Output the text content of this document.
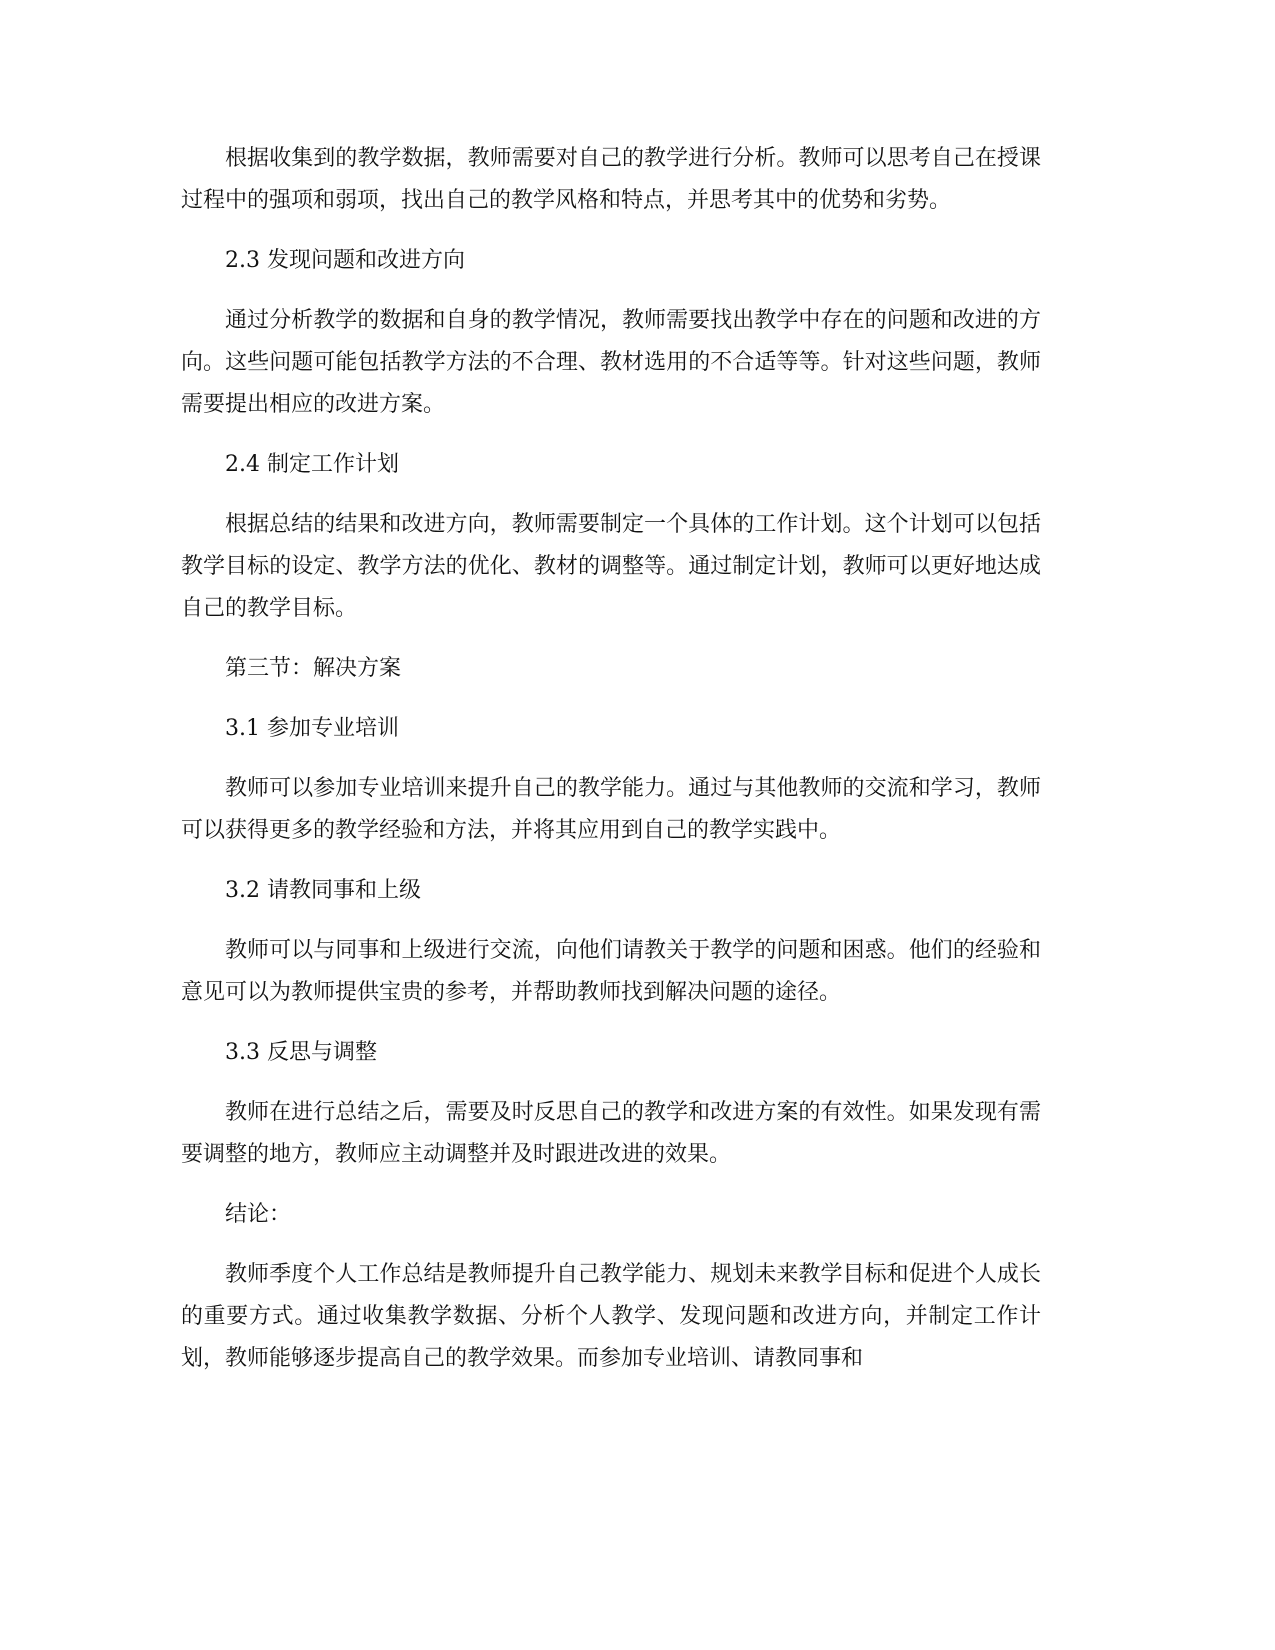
根据收集到的教学数据，教师需要对自己的教学进行分析。教师可以思考自己在授课过程中的强项和弱项，找出自己的教学风格和特点，并思考其中的优势和劣势。

2.3 发现问题和改进方向

通过分析教学的数据和自身的教学情况，教师需要找出教学中存在的问题和改进的方向。这些问题可能包括教学方法的不合理、教材选用的不合适等等。针对这些问题，教师需要提出相应的改进方案。

2.4 制定工作计划

根据总结的结果和改进方向，教师需要制定一个具体的工作计划。这个计划可以包括教学目标的设定、教学方法的优化、教材的调整等。通过制定计划，教师可以更好地达成自己的教学目标。

第三节：解决方案

3.1 参加专业培训

教师可以参加专业培训来提升自己的教学能力。通过与其他教师的交流和学习，教师可以获得更多的教学经验和方法，并将其应用到自己的教学实践中。

3.2 请教同事和上级

教师可以与同事和上级进行交流，向他们请教关于教学的问题和困惑。他们的经验和意见可以为教师提供宝贵的参考，并帮助教师找到解决问题的途径。

3.3 反思与调整

教师在进行总结之后，需要及时反思自己的教学和改进方案的有效性。如果发现有需要调整的地方，教师应主动调整并及时跟进改进的效果。

结论：

教师季度个人工作总结是教师提升自己教学能力、规划未来教学目标和促进个人成长的重要方式。通过收集教学数据、分析个人教学、发现问题和改进方向，并制定工作计划，教师能够逐步提高自己的教学效果。而参加专业培训、请教同事和
